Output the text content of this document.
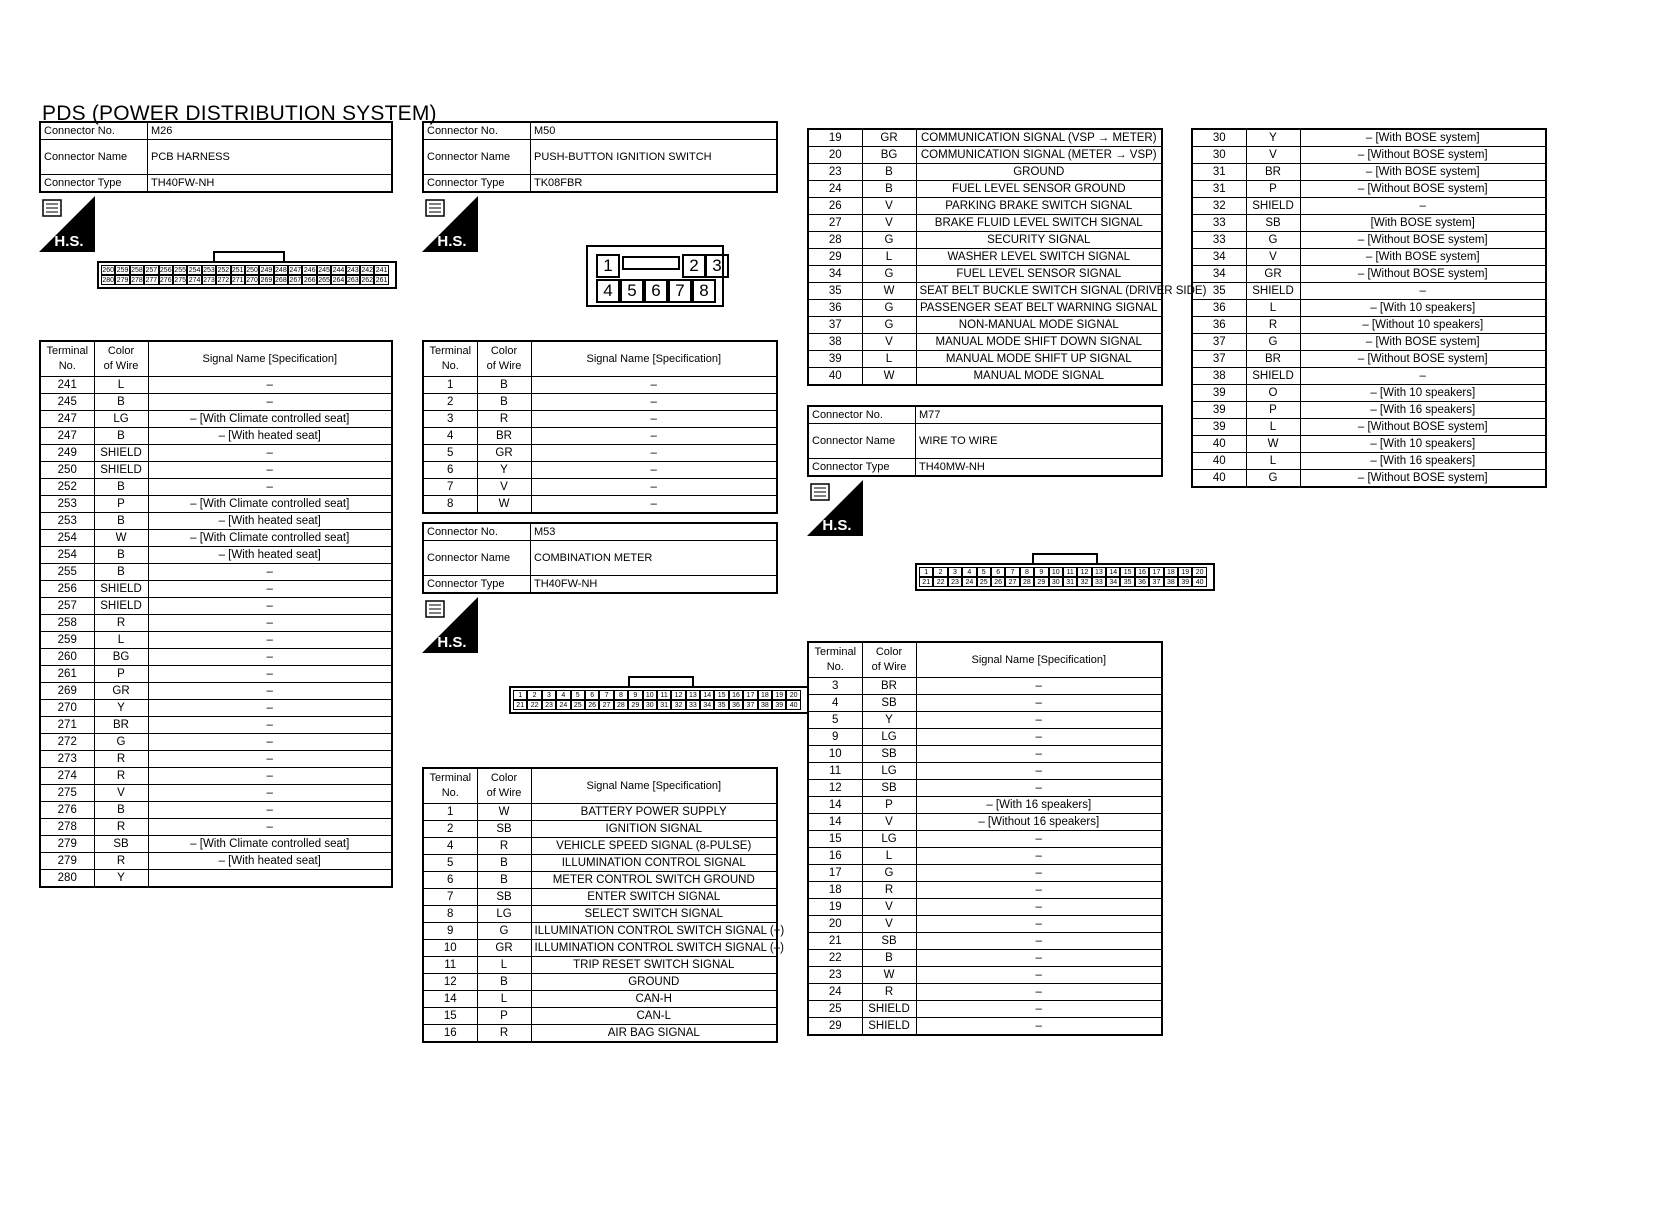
PDS (POWER DISTRIBUTION SYSTEM)
Connector No.	M26
Connector Name	PCB HARNESS
Connector Type	TH40FW-NH
Connector No.	M50
Connector Name	PUSH-BUTTON IGNITION SWITCH
Connector Type	TK08FBR
Connector No.	M53
Connector Name	COMBINATION METER
Connector Type	TH40FW-NH
Connector No.	M77
Connector Name	WIRE TO WIRE
Connector Type	TH40MW-NH
H.S.	H.S.
H.S.
H.S.
260 259 258 257 256 255 254 253 252 251 250 249 248 247 246 245 244 243 242 241
280 279 278 277 276 275 274 273 272 271 270 269 268 267 266 265 264 263 262 261
1	2 3
4 5 6 7 8
1	2	3	4	5	6	7	8	9	10 11 12 13 14 15 16 17 18 19 20
21 22 23 24 25 26 27 28 29 30 31 32 33 34 35 36 37 38 39 40
1	2	3	4	5	6	7	8	9	10 11 12 13 14 15 16 17 18 19 20
21 22 23 24 25 26 27 28 29 30 31 32 33 34 35 36 37 38 39 40
Terminal
No.	Color
of Wire	Signal Name [Specification]
241	L	–
245	B	–
247	LG	– [With Climate controlled seat]
247	B	– [With heated seat]
249	SHIELD	–
250	SHIELD	–
252	B	–
253	P	– [With Climate controlled seat]
253	B	– [With heated seat]
254	W	– [With Climate controlled seat]
254	B	– [With heated seat]
255	B	–
256	SHIELD	–
257	SHIELD	–
258	R	–
259	L	–
260	BG	–
261	P	–
269	GR	–
270	Y	–
271	BR	–
272	G	–
273	R	–
274	R	–
275	V	–
276	B	–
278	R	–
279	SB	– [With Climate controlled seat]
279	R	– [With heated seat]
280	Y	
Terminal
No.	Color
of Wire	Signal Name [Specification]
1	B	–
2	B	–
3	R	–
4	BR	–
5	GR	–
6	Y	–
7	V	–
8	W	–
Terminal
No.	Color
of Wire	Signal Name [Specification]
1	W	BATTERY POWER SUPPLY
2	SB	IGNITION SIGNAL
4	R	VEHICLE SPEED SIGNAL (8-PULSE)
5	B	ILLUMINATION CONTROL SIGNAL
6	B	METER CONTROL SWITCH GROUND
7	SB	ENTER SWITCH SIGNAL
8	LG	SELECT SWITCH SIGNAL
9	G	ILLUMINATION CONTROL SWITCH SIGNAL (+)
10	GR	ILLUMINATION CONTROL SWITCH SIGNAL (–)
11	L	TRIP RESET SWITCH SIGNAL
12	B	GROUND
14	L	CAN-H
15	P	CAN-L
16	R	AIR BAG SIGNAL
19	GR	COMMUNICATION SIGNAL (VSP → METER)
20	BG	COMMUNICATION SIGNAL (METER → VSP)
23	B	GROUND
24	B	FUEL LEVEL SENSOR GROUND
26	V	PARKING BRAKE SWITCH SIGNAL
27	V	BRAKE FLUID LEVEL SWITCH SIGNAL
28	G	SECURITY SIGNAL
29	L	WASHER LEVEL SWITCH SIGNAL
34	G	FUEL LEVEL SENSOR SIGNAL
35	W	SEAT BELT BUCKLE SWITCH SIGNAL (DRIVER SIDE)
36	G	PASSENGER SEAT BELT WARNING SIGNAL
37	G	NON-MANUAL MODE SIGNAL
38	V	MANUAL MODE SHIFT DOWN SIGNAL
39	L	MANUAL MODE SHIFT UP SIGNAL
40	W	MANUAL MODE SIGNAL
Terminal
No.	Color
of Wire	Signal Name [Specification]
3	BR	–
4	SB	–
5	Y	–
9	LG	–
10	SB	–
11	LG	–
12	SB	–
14	P	– [With 16 speakers]
14	V	– [Without 16 speakers]
15	LG	–
16	L	–
17	G	–
18	R	–
19	V	–
20	V	–
21	SB	–
22	B	–
23	W	–
24	R	–
25	SHIELD	–
29	SHIELD	–
30	Y	– [With BOSE system]
30	V	– [Without BOSE system]
31	BR	– [With BOSE system]
31	P	– [Without BOSE system]
32	SHIELD	–
33	SB	[With BOSE system]
33	G	– [Without BOSE system]
34	V	– [With BOSE system]
34	GR	– [Without BOSE system]
35	SHIELD	–
36	L	– [With 10 speakers]
36	R	– [Without 10 speakers]
37	G	– [With BOSE system]
37	BR	– [Without BOSE system]
38	SHIELD	–
39	O	– [With 10 speakers]
39	P	– [With 16 speakers]
39	L	– [Without BOSE system]
40	W	– [With 10 speakers]
40	L	– [With 16 speakers]
40	G	– [Without BOSE system]
